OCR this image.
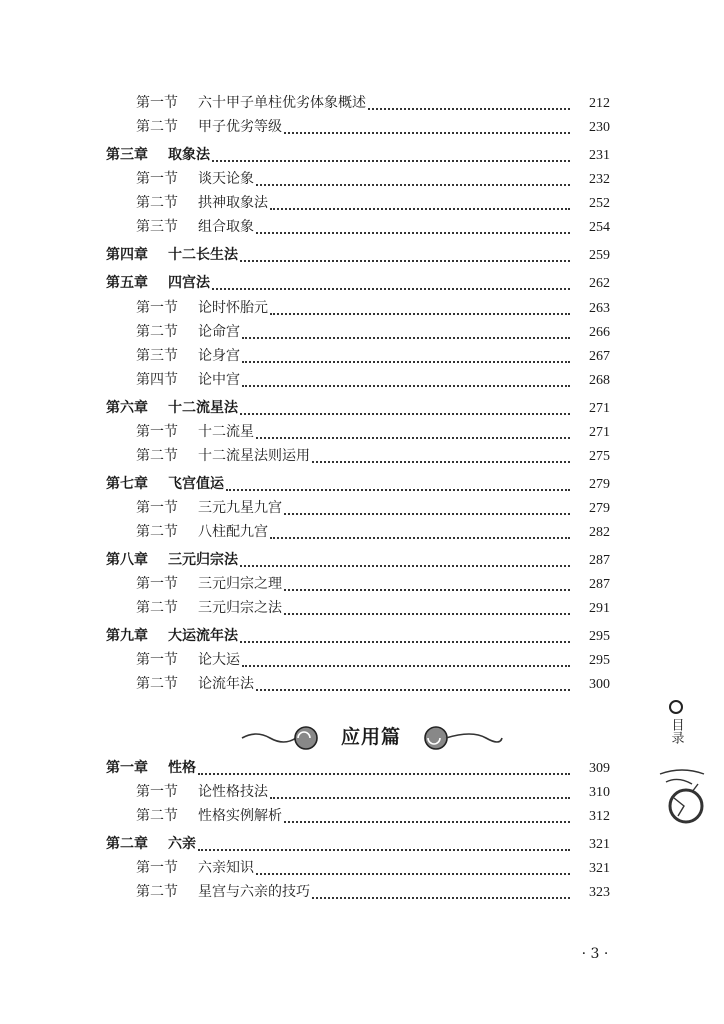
第一节	六十甲子单柱优劣体象概述	212
第二节	甲子优劣等级	230
第三章	取象法	231
第一节	谈天论象	232
第二节	拱神取象法	252
第三节	组合取象	254
第四章	十二长生法	259
第五章	四宫法	262
第一节	论时怀胎元	263
第二节	论命宫	266
第三节	论身宫	267
第四节	论中宫	268
第六章	十二流星法	271
第一节	十二流星	271
第二节	十二流星法则运用	275
第七章	飞宫值运	279
第一节	三元九星九宫	279
第二节	八柱配九宫	282
第八章	三元归宗法	287
第一节	三元归宗之理	287
第二节	三元归宗之法	291
第九章	大运流年法	295
第一节	论大运	295
第二节	论流年法	300
第一章	性格	309
第一节	论性格技法	310
第二节	性格实例解析	312
第二章	六亲	321
第一节	六亲知识	321
第二节	星宫与六亲的技巧	323
应用篇	目录
· 3 ·
